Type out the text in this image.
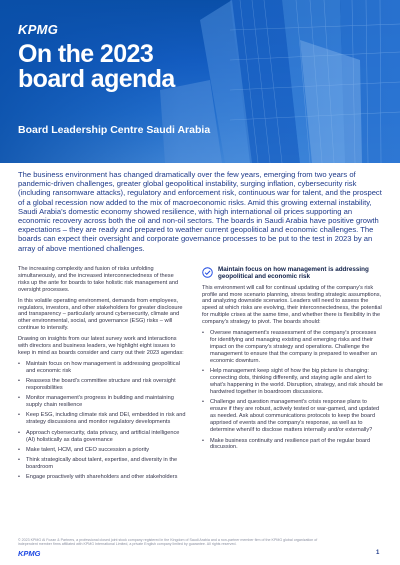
KPMG
On the 2023
board agenda
Board Leadership Centre Saudi Arabia

The business environment has changed dramatically over the few years, emerging from two years of pandemic-driven challenges, greater global geopolitical instability, surging inflation, cybersecurity risk (including ransomware attacks), regulatory and enforcement risk, continuous war for talent, and the prospect of a global recession now added to the mix of macroeconomic risks. Amid this growing external instability, Saudi Arabia's domestic economy showed resilience, with high international oil prices supporting an economic recovery across both the oil and non-oil sectors. The boards in Saudi Arabia have positive growth expectations – they are ready and prepared to weather current geopolitical and economic challenges. The boards can expect their oversight and corporate governance processes to be put to the test in 2023 by an array of above mentioned challenges.

The increasing complexity and fusion of risks unfolding simultaneously, and the increased interconnectedness of these risks up the ante for boards to take holistic risk management and oversight processes.

In this volatile operating environment, demands from employees, regulators, investors, and other stakeholders for greater disclosure and transparency – particularly around cybersecurity, climate and other environmental, social, and governance (ESG) risks – will continue to intensify.

Drawing on insights from our latest survey work and interactions with directors and business leaders, we highlight eight issues to keep in mind as boards consider and carry out their 2023 agendas:

• Maintain focus on how management is addressing geopolitical and economic risk
• Reassess the board's committee structure and risk oversight responsibilities
• Monitor management's progress in building and maintaining supply chain resilience
• Keep ESG, including climate risk and DEI, embedded in risk and strategy discussions and monitor regulatory developments
• Approach cybersecurity, data privacy, and artificial intelligence (AI) holistically as data governance
• Make talent, HCM, and CEO succession a priority
• Think strategically about talent, expertise, and diversity in the boardroom
• Engage proactively with shareholders and other stakeholders
Maintain focus on how management is addressing geopolitical and economic risk

This environment will call for continual updating of the company's risk profile and more scenario planning, stress testing strategic assumptions, and analyzing downside scenarios. Leaders will need to assess the speed at which risks are evolving, their interconnectedness, the potential for multiple crises at the same time, and whether there is flexibility in the company's strategy to pivot. The boards should:

• Oversee management's reassessment of the company's processes for identifying and managing existing and emerging risks and their impact on the company's strategy and operations. Challenge the management to ensure that the company is prepared to weather an economic downturn.
• Help management keep sight of how the big picture is changing: connecting dots, thinking differently, and staying agile and alert to what's happening in the world. Disruption, strategy, and risk should be hardwired together in boardroom discussions.
• Challenge and question management's crisis response plans to ensure if they are robust, actively tested or war-gamed, and updated as needed. Ask about communications protocols to keep the board apprised of events and the company's response, as well as to determine when/if to disclose matters internally and/or externally?
• Make business continuity and resilience part of the regular board discussion.

© 2023 KPMG Al Fozan & Partners, a professional closed joint stock company registered in the Kingdom of Saudi Arabia and a non-partner member firm of the KPMG global organization of independent member firms affiliated with KPMG International Limited, a private English company limited by guarantee. All rights reserved.

KPMG	1
